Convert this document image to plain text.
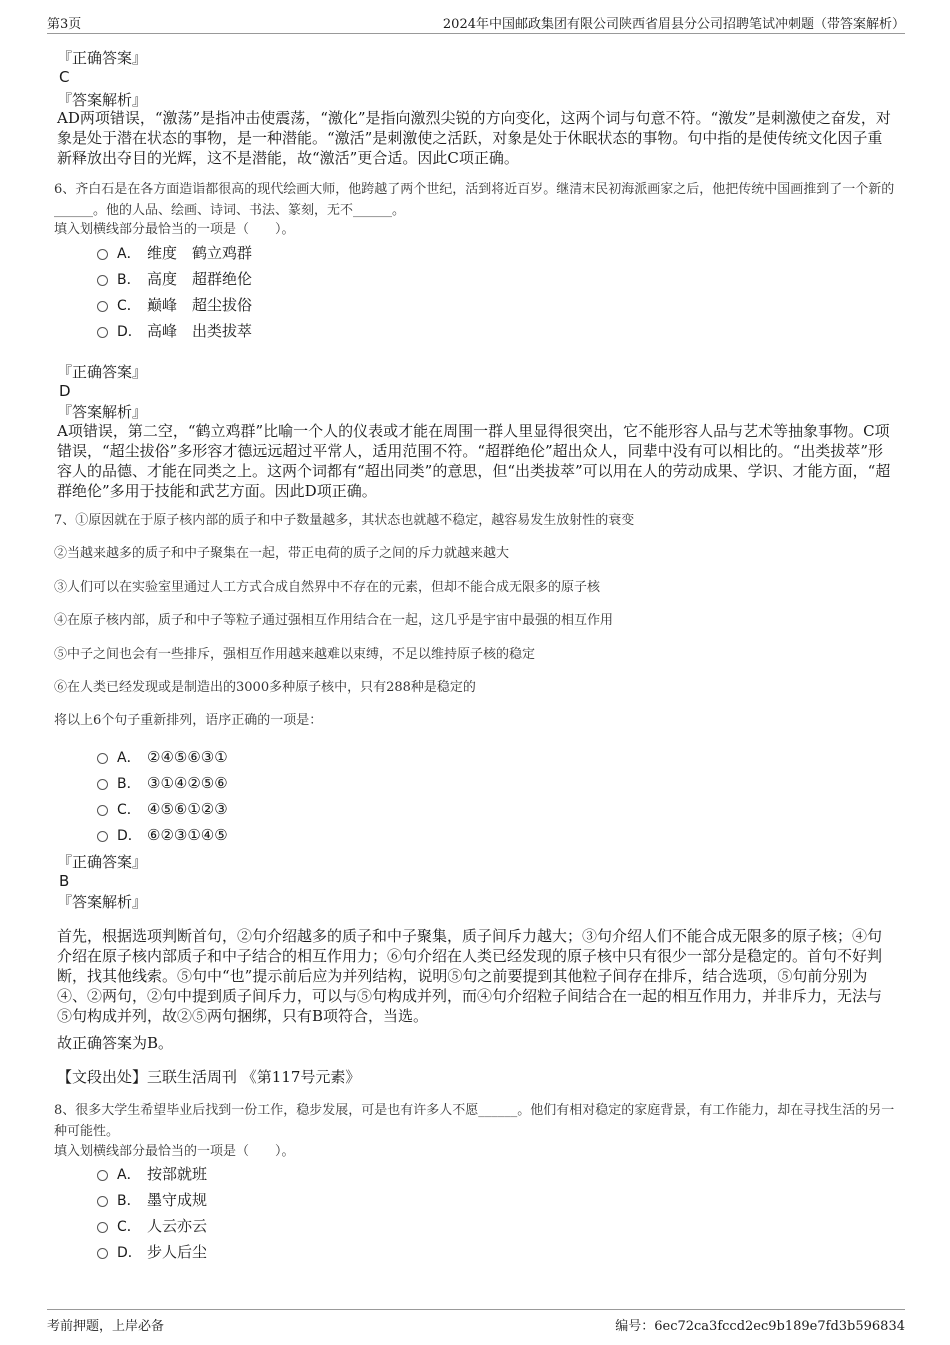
第3页	2024年中国邮政集团有限公司陕西省眉县分公司招聘笔试冲刺题（带答案解析）
『正确答案』
C
『答案解析』
AD两项错误，“激荡”是指冲击使震荡，“激化”是指向激烈尖锐的方向变化，这两个词与句意不符。“激发”是刺激使之奋发，对象是处于潜在状态的事物，是一种潜能。“激活”是刺激使之活跃，对象是处于休眠状态的事物。句中指的是使传统文化因子重新释放出夺目的光辉，这不是潜能，故“激活”更合适。因此C项正确。
6、齐白石是在各方面造诣都很高的现代绘画大师，他跨越了两个世纪，活到将近百岁。继清末民初海派画家之后，他把传统中国画推到了一个新的______。他的人品、绘画、诗词、书法、篆刻，无不______。
填入划横线部分最恰当的一项是（　　）。
A． 维度　鹤立鸡群
B． 高度　超群绝伦
C． 巅峰　超尘拔俗
D． 高峰　出类拔萃
『正确答案』
D
『答案解析』
A项错误，第二空，“鹤立鸡群”比喻一个人的仪表或才能在周围一群人里显得很突出，它不能形容人品与艺术等抽象事物。C项错误，“超尘拔俗”多形容才德远远超过平常人，适用范围不符。“超群绝伦”超出众人，同辈中没有可以相比的。“出类拔萃”形容人的品德、才能在同类之上。这两个词都有“超出同类”的意思，但“出类拔萃”可以用在人的劳动成果、学识、才能方面，“超群绝伦”多用于技能和武艺方面。因此D项正确。
7、①原因就在于原子核内部的质子和中子数量越多，其状态也就越不稳定，越容易发生放射性的衰变
②当越来越多的质子和中子聚集在一起，带正电荷的质子之间的斥力就越来越大
③人们可以在实验室里通过人工方式合成自然界中不存在的元素，但却不能合成无限多的原子核
④在原子核内部，质子和中子等粒子通过强相互作用结合在一起，这几乎是宇宙中最强的相互作用
⑤中子之间也会有一些排斥，强相互作用越来越难以束缚，不足以维持原子核的稳定
⑥在人类已经发现或是制造出的3000多种原子核中，只有288种是稳定的
将以上6个句子重新排列，语序正确的一项是：
A． ②④⑤⑥③①
B． ③①④②⑤⑥
C． ④⑤⑥①②③
D． ⑥②③①④⑤
『正确答案』
B
『答案解析』
首先，根据选项判断首句，②句介绍越多的质子和中子聚集，质子间斥力越大；③句介绍人们不能合成无限多的原子核；④句介绍在原子核内部质子和中子结合的相互作用力；⑥句介绍在人类已经发现的原子核中只有很少一部分是稳定的。首句不好判断，找其他线索。⑤句中“也”提示前后应为并列结构，说明⑤句之前要提到其他粒子间存在排斥，结合选项，⑤句前分别为④、②两句，②句中提到质子间斥力，可以与⑤句构成并列，而④句介绍粒子间结合在一起的相互作用力，并非斥力，无法与⑤句构成并列，故②⑤两句捆绑，只有B项符合，当选。
故正确答案为B。
【文段出处】三联生活周刊 《第117号元素》
8、很多大学生希望毕业后找到一份工作，稳步发展，可是也有许多人不愿______。他们有相对稳定的家庭背景，有工作能力，却在寻找生活的另一种可能性。
填入划横线部分最恰当的一项是（　　）。
A． 按部就班
B． 墨守成规
C． 人云亦云
D． 步人后尘
考前押题，上岸必备	编号：6ec72ca3fccd2ec9b189e7fd3b596834
